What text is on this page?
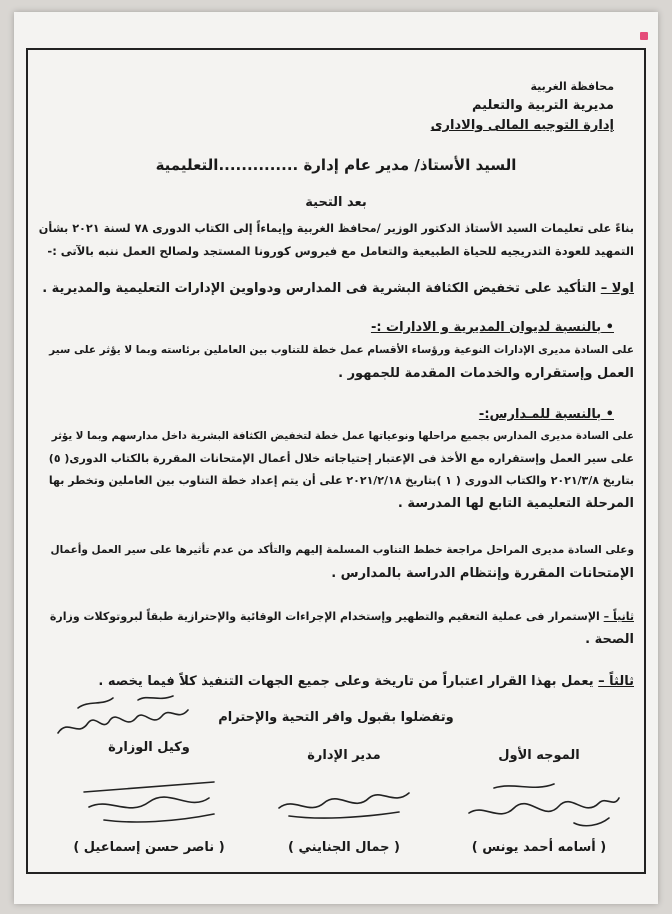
محافظة الغربية
مديرية التربية والتعليم
إدارة التوجيه المالى والادارى
السيد الأستاذ/ مدير عام إدارة ..............التعليمية
بعد التحية
بناءً على تعليمات السيد الأستاذ الدكتور الوزير /محافظ الغربية وإيماءاً إلى الكتاب الدورى ٧٨ لسنة ٢٠٢١ بشأن
التمهيد للعودة التدريجيه للحياة الطبيعية والتعامل مع فيروس كورونا المستجد ولصالح العمل ننبه بالآتى :-
اولا – التأكيد على تخفيض الكثافة البشرية فى المدارس ودواوين الإدارات التعليمية والمديرية .
• بالنسبة لديوان المديرية و الادارات :-
على السادة مديرى الإدارات النوعية ورؤساء الأقسام عمل خطة للتناوب بين العاملين برئاسته وبما لا يؤثر على سير
العمل وإستقراره والخدمات المقدمة للجمهور .
• بالنسبة للمـدارس:-
على السادة مديرى المدارس بجميع مراحلها ونوعياتها عمل خطة لتخفيض الكثافة البشرية داخل مدارسهم وبما لا يؤثر
على سير العمل وإستقراره مع الأخذ فى الإعتبار إحتياجاته خلال أعمال الإمتحانات المقررة بالكتاب الدورى( ٥)
بتاريخ ٢٠٢١/٣/٨ والكتاب الدورى ( ١ )بتاريخ ٢٠٢١/٢/١٨ على أن يتم إعداد خطة التناوب بين العاملين وتخطر بها
المرحلة التعليمية التابع لها المدرسة .
وعلى السادة مديرى المراحل مراجعة خطط التناوب المسلمة إليهم والتأكد من عدم تأثيرها على سير العمل وأعمال
الإمتحانات المقررة وإنتظام الدراسة بالمدارس .
ثانياً – الإستمرار فى عملية التعقيم والتطهير وإستخدام الإجراءات الوقائية والإحترازية طبقاً لبروتوكلات وزارة
الصحة .
ثالثاً – يعمل بهذا القرار اعتباراً من تاريخة وعلى جميع الجهات التنفيذ كلاً فيما يخصه .
وتفضلوا بقبول وافر التحية والإحترام
الموجه الأول
مدير الإدارة
وكيل الوزارة
( أسامه أحمد يونس )
( جمال الجنايني )
( ناصر حسن إسماعيل )
